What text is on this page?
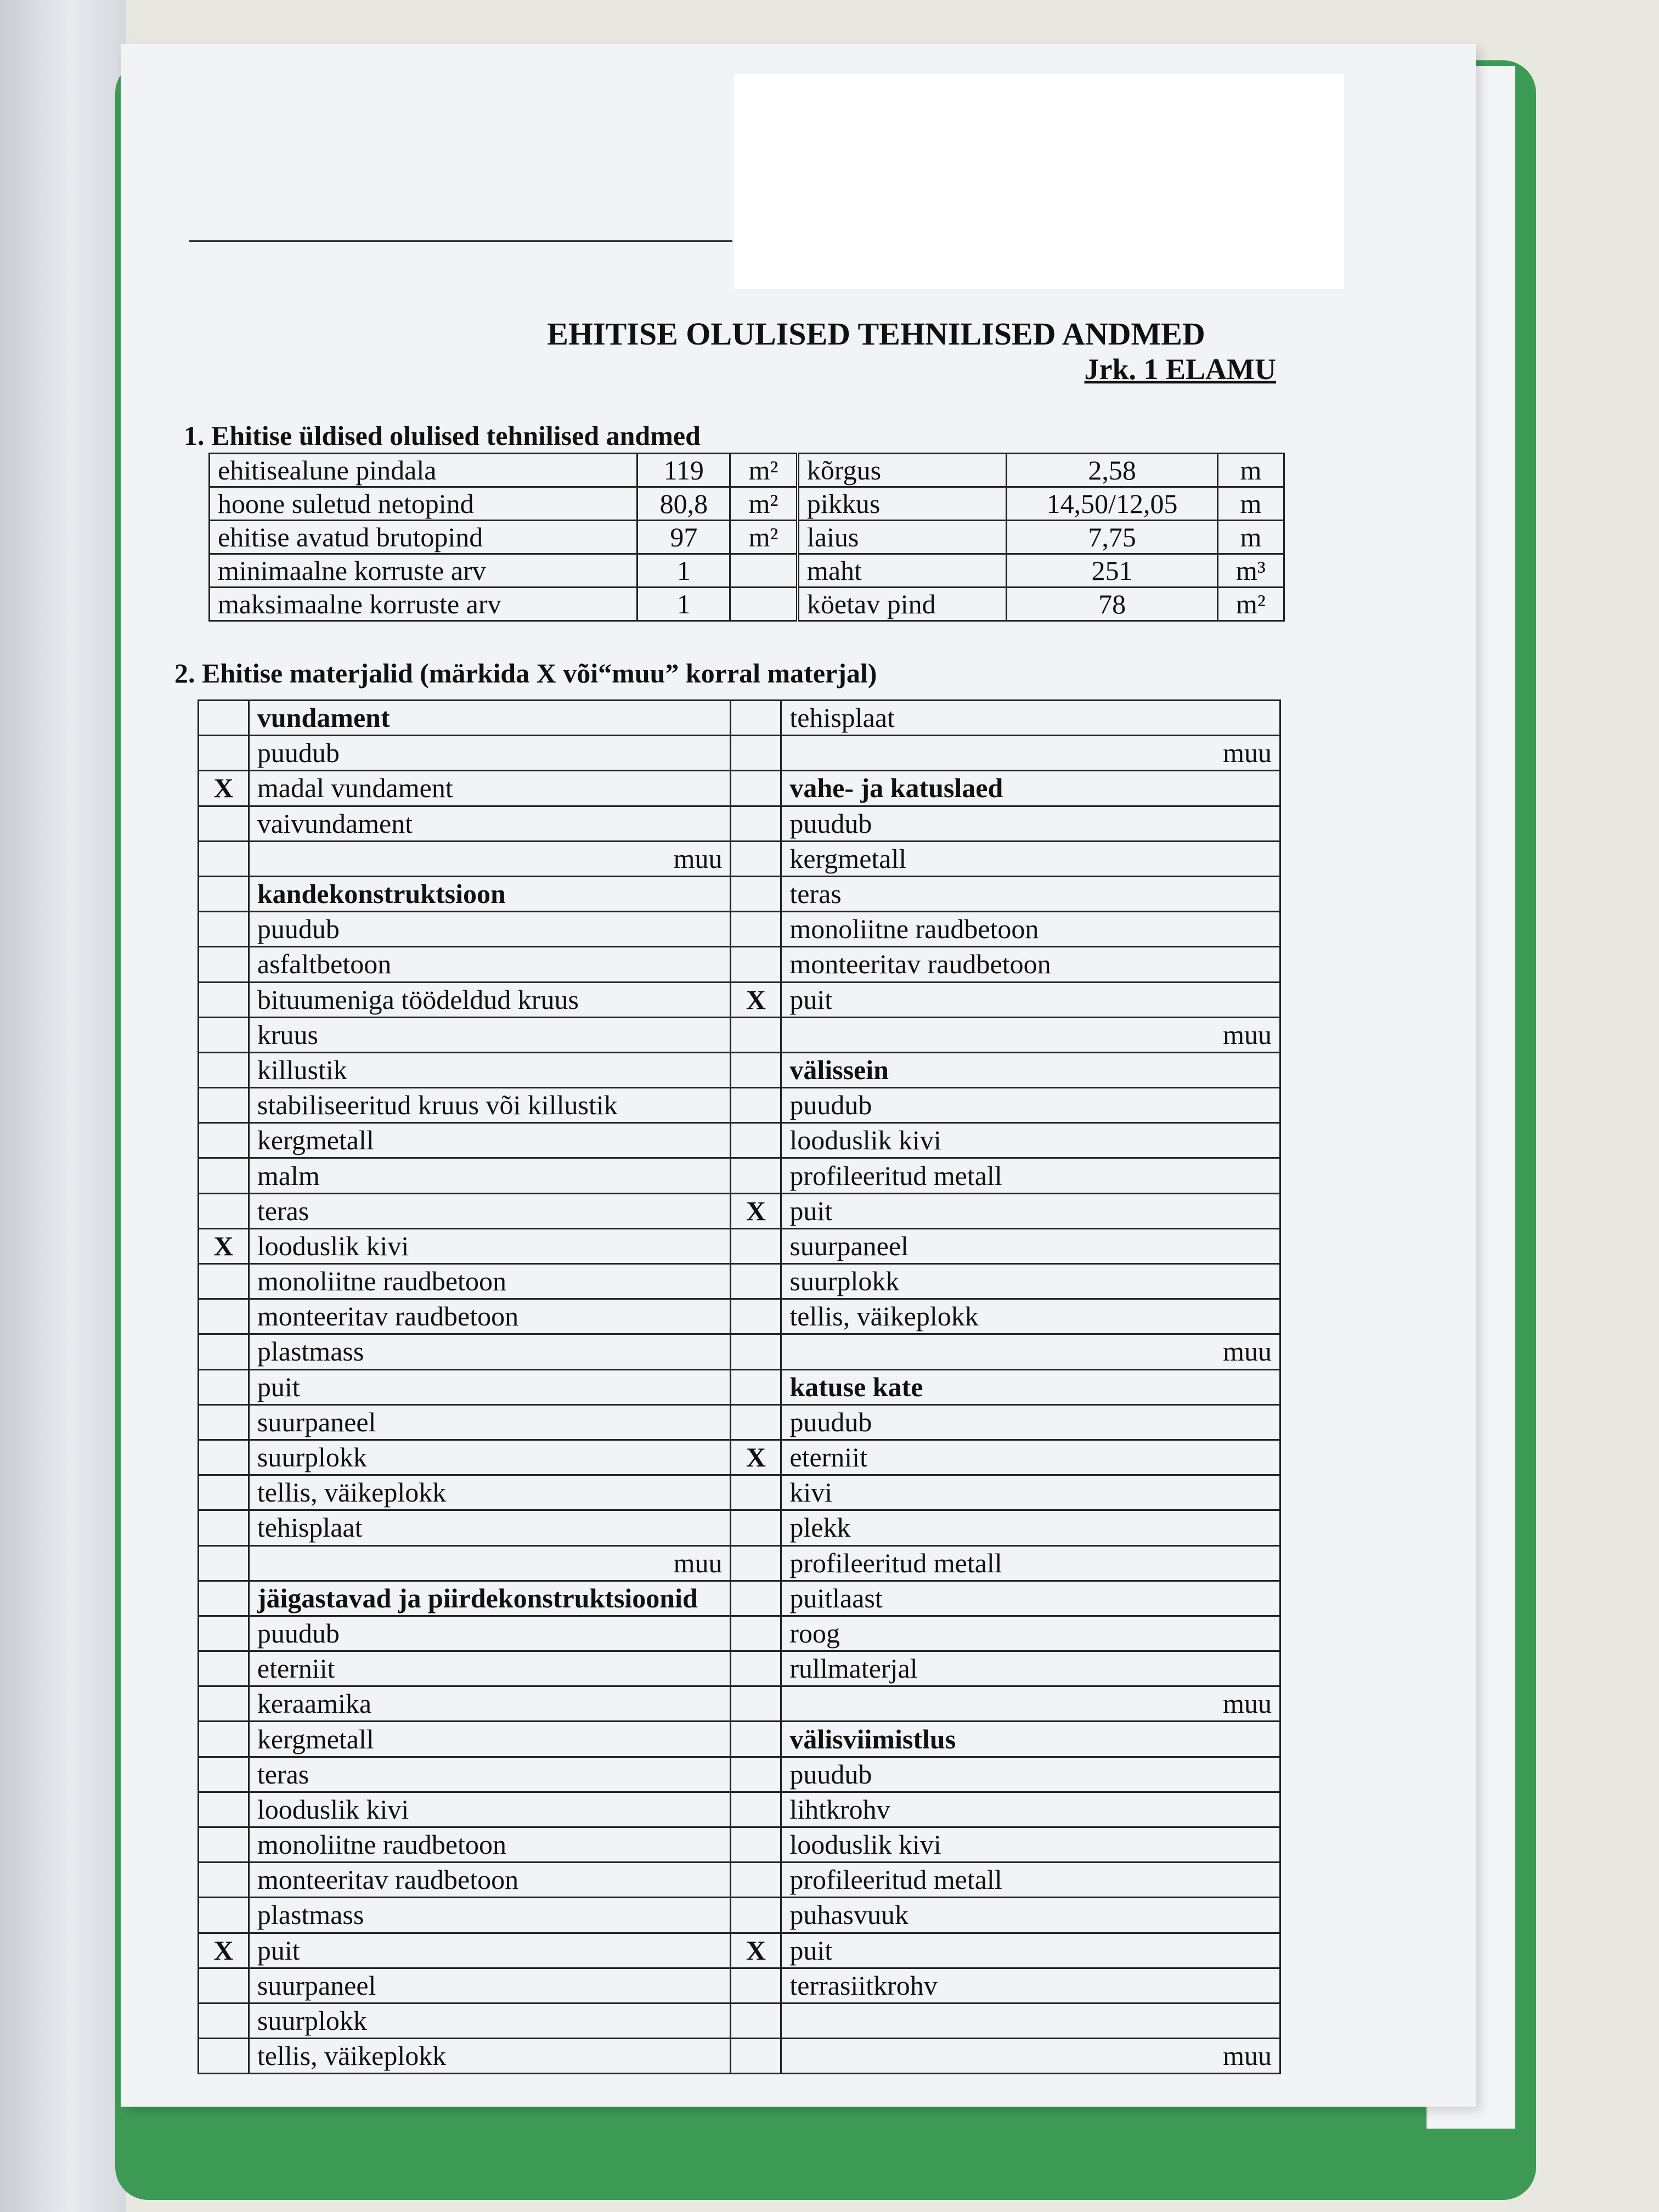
EHITISE OLULISED TEHNILISED ANDMED
Jrk. 1 ELAMU
1. Ehitise üldised olulised tehnilised andmed
ehitisealune pindala	119	m²	kõrgus	2,58	m
hoone suletud netopind	80,8	m²	pikkus	14,50/12,05	m
ehitise avatud brutopind	97	m²	laius	7,75	m
minimaalne korruste arv	1		maht	251	m³
maksimaalne korruste arv	1		köetav pind	78	m²
2. Ehitise materjalid (märkida X või“muu” korral materjal)
	vundament		tehisplaat
	puudub		muu
X	madal vundament		vahe- ja katuslaed
	vaivundament		puudub
	muu		kergmetall
	kandekonstruktsioon		teras
	puudub		monoliitne raudbetoon
	asfaltbetoon		monteeritav raudbetoon
	bituumeniga töödeldud kruus	X	puit
	kruus		muu
	killustik		välissein
	stabiliseeritud kruus või killustik		puudub
	kergmetall		looduslik kivi
	malm		profileeritud metall
	teras	X	puit
X	looduslik kivi		suurpaneel
	monoliitne raudbetoon		suurplokk
	monteeritav raudbetoon		tellis, väikeplokk
	plastmass		muu
	puit		katuse kate
	suurpaneel		puudub
	suurplokk	X	eterniit
	tellis, väikeplokk		kivi
	tehisplaat		plekk
	muu		profileeritud metall
	jäigastavad ja piirdekonstruktsioonid		puitlaast
	puudub		roog
	eterniit		rullmaterjal
	keraamika		muu
	kergmetall		välisviimistlus
	teras		puudub
	looduslik kivi		lihtkrohv
	monoliitne raudbetoon		looduslik kivi
	monteeritav raudbetoon		profileeritud metall
	plastmass		puhasvuuk
X	puit	X	puit
	suurpaneel		terrasiitkrohv
	suurplokk		
	tellis, väikeplokk		muu
